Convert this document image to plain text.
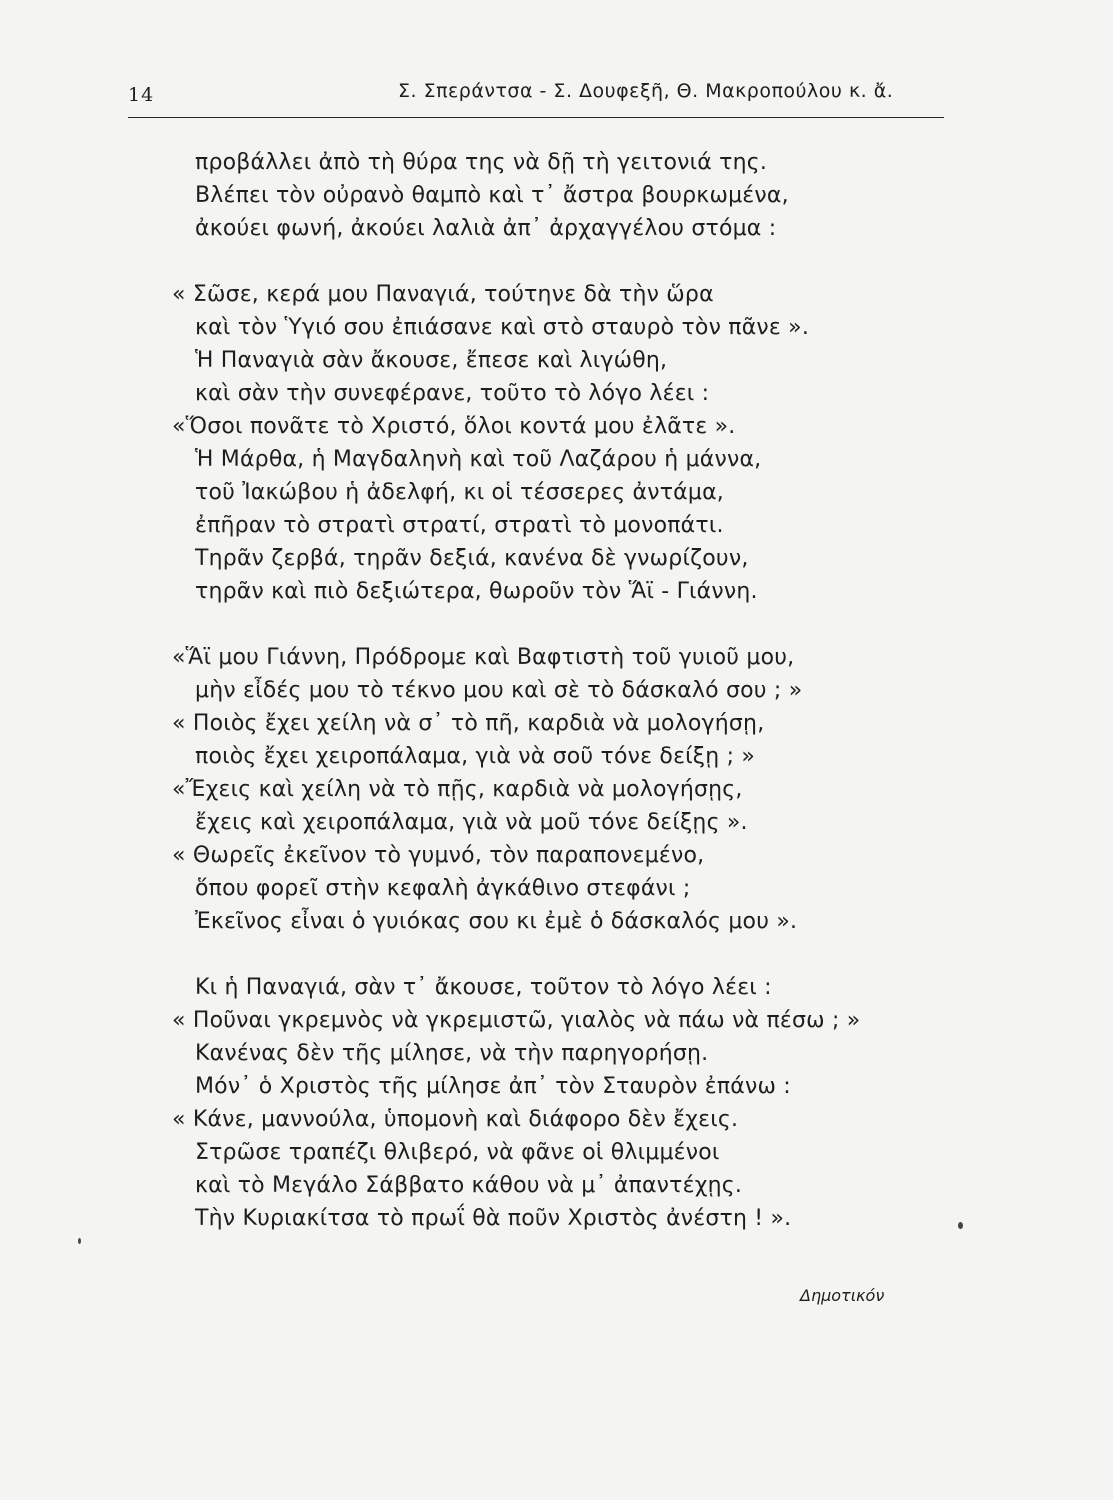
14	Σ. Σπεράντσα - Σ. Δουφεξῆ, Θ. Μακροπούλου κ. ἄ.
προβάλλει ἀπὸ τὴ θύρα της νὰ δῇ τὴ γειτονιά της.
Βλέπει τὸν οὐρανὸ θαμπὸ καὶ τ᾽ ἄστρα βουρκωμένα,
ἀκούει φωνή, ἀκούει λαλιὰ ἀπ᾽ ἀρχαγγέλου στόμα :
« Σῶσε, κερά μου Παναγιά, τούτηνε δὰ τὴν ὥρα
καὶ τὸν Ὑγιό σου ἐπιάσανε καὶ στὸ σταυρὸ τὸν πᾶνε ».
Ἡ Παναγιὰ σὰν ἄκουσε, ἔπεσε καὶ λιγώθη,
καὶ σὰν τὴν συνεφέρανε, τοῦτο τὸ λόγο λέει :
«Ὅσοι πονᾶτε τὸ Χριστό, ὅλοι κοντά μου ἐλᾶτε ».
Ἡ Μάρθα, ἡ Μαγδαληνὴ καὶ τοῦ Λαζάρου ἡ μάννα,
τοῦ Ἰακώβου ἡ ἀδελφή, κι οἱ τέσσερες ἀντάμα,
ἐπῆραν τὸ στρατὶ στρατί, στρατὶ τὸ μονοπάτι.
Τηρᾶν ζερβά, τηρᾶν δεξιά, κανένα δὲ γνωρίζουν,
τηρᾶν καὶ πιὸ δεξιώτερα, θωροῦν τὸν Ἅϊ - Γιάννη.
«Ἅϊ μου Γιάννη, Πρόδρομε καὶ Βαφτιστὴ τοῦ γυιοῦ μου,
μὴν εἶδές μου τὸ τέκνο μου καὶ σὲ τὸ δάσκαλό σου ; »
« Ποιὸς ἔχει χείλη νὰ σ᾽ τὸ πῆ, καρδιὰ νὰ μολογήσῃ,
ποιὸς ἔχει χειροπάλαμα, γιὰ νὰ σοῦ τόνε δείξῃ ; »
«Ἔχεις καὶ χείλη νὰ τὸ πῇς, καρδιὰ νὰ μολογήσῃς,
ἔχεις καὶ χειροπάλαμα, γιὰ νὰ μοῦ τόνε δείξῃς ».
« Θωρεῖς ἐκεῖνον τὸ γυμνό, τὸν παραπονεμένο,
ὅπου φορεῖ στὴν κεφαλὴ ἀγκάθινο στεφάνι ;
Ἐκεῖνος εἶναι ὁ γυιόκας σου κι ἐμὲ ὁ δάσκαλός μου ».
Κι ἡ Παναγιά, σὰν τ᾽ ἄκουσε, τοῦτον τὸ λόγο λέει :
« Ποῦναι γκρεμνὸς νὰ γκρεμιστῶ, γιαλὸς νὰ πάω νὰ πέσω ; »
Κανένας δὲν τῆς μίλησε, νὰ τὴν παρηγορήσῃ.
Μόν᾽ ὁ Χριστὸς τῆς μίλησε ἀπ᾽ τὸν Σταυρὸν ἐπάνω :
« Κάνε, μαννούλα, ὑπομονὴ καὶ διάφορο δὲν ἔχεις.
Στρῶσε τραπέζι θλιβερό, νὰ φᾶνε οἱ θλιμμένοι
καὶ τὸ Μεγάλο Σάββατο κάθου νὰ μ᾽ ἀπαντέχῃς.
Τὴν Κυριακίτσα τὸ πρωΐ θὰ ποῦν Χριστὸς ἀνέστη ! ».
Δημοτικόν
